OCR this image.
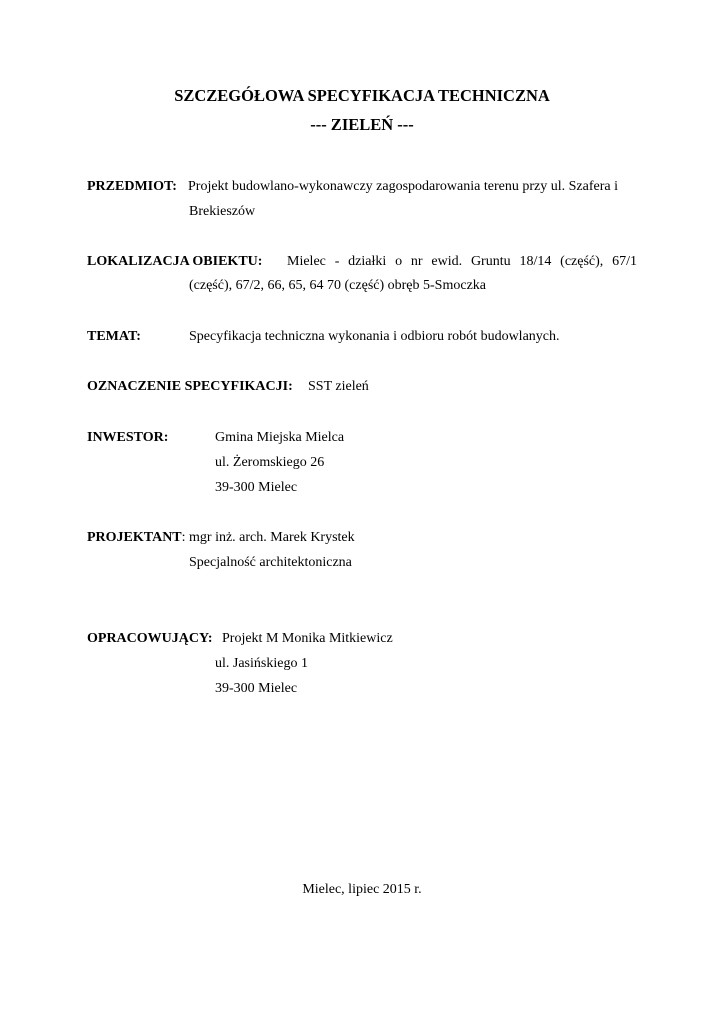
SZCZEGÓŁOWA SPECYFIKACJA TECHNICZNA
--- ZIELEŃ ---
PRZEDMIOT: Projekt budowlano-wykonawczy zagospodarowania terenu przy ul. Szafera i
Brekieszów
LOKALIZACJA OBIEKTU: Mielec - działki o nr ewid. Gruntu 18/14 (część), 67/1
(część), 67/2, 66, 65, 64 70 (część) obręb 5-Smoczka
TEMAT:	Specyfikacja techniczna wykonania i odbioru robót budowlanych.
OZNACZENIE SPECYFIKACJI: SST zieleń
INWESTOR:	Gmina Miejska Mielca
ul. Żeromskiego 26
39-300 Mielec
PROJEKTANT: mgr inż. arch. Marek Krystek
Specjalność architektoniczna
OPRACOWUJĄCY: Projekt M Monika Mitkiewicz
ul. Jasińskiego 1
39-300 Mielec
Mielec, lipiec 2015 r.
